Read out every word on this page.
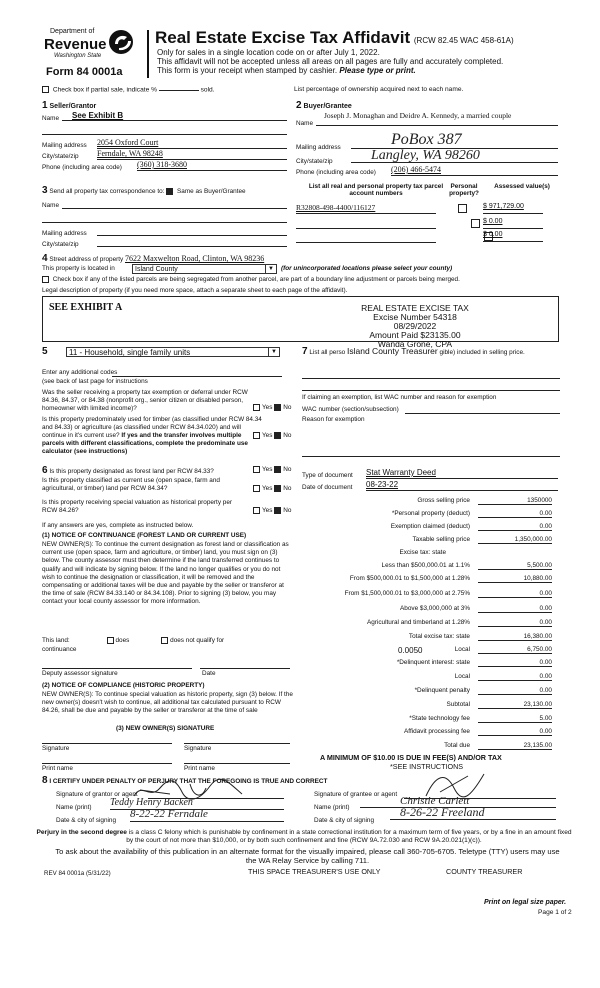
Department of
Revenue
Washington State
Form 84 0001a
Real Estate Excise Tax Affidavit (RCW 82.45 WAC 458-61A)
Only for sales in a single location code on or after July 1, 2022.
This affidavit will not be accepted unless all areas on all pages are fully and accurately completed.
This form is your receipt when stamped by cashier. Please type or print.
Check box if partial sale, indicate %	sold.	List percentage of ownership acquired next to each name.
1 Seller/Grantor
Name	See Exhibit B
Mailing address 2054 Oxford Court
City/state/zip Ferndale, WA 98248
Phone (including area code) (360) 318-3680
2 Buyer/Grantee
Name
Joseph J. Monaghan and Deidre A. Kennedy, a married couple
Mailing address	PoBox 387
City/state/zip	Langley, WA 98260
Phone (including area code) (206) 466-5474
3 Send all property tax correspondence to: Same as Buyer/Grantee
Name
Mailing address
City/state/zip
List all real and personal property tax parcel account numbers
Personal property?
Assessed value(s)
R32808-498-4400/116127
	$ 971,729.00

$ 0.00
$ 0.00
4 Street address of property 7622 Maxwelton Road, Clinton, WA 98236
This property is located in	Island County	▼	(for unincorporated locations please select your county)
Check box if any of the listed parcels are being segregated from another parcel, are part of a boundary line adjustment or parcels being merged.
Legal description of property (if you need more space, attach a separate sheet to each page of the affidavit).
SEE EXHIBIT A	REAL ESTATE EXCISE TAX
Excise Number 54318
08/29/2022
Amount Paid $23135.00
Wanda Grone, CPA
5	11 - Household, single family units	▼
Enter any additional codes
(see back of last page for instructions
Was the seller receiving a property tax exemption or deferral under RCW 84.36, 84.37, or 84.38 (nonprofit org., senior citizen or disabled person, homeowner with limited income)?	Yes No
Is this property predominately used for timber (as classified under RCW 84.34 and 84.33) or agriculture (as classified under RCW 84.34.020) and will continue in it's current use? If yes and the transfer involves multiple parcels with different classifications, complete the predominate use calculator (see instructions)
Yes No
7 List all perso Island County Treasurer gible) included in selling price.
If claiming an exemption, list WAC number and reason for exemption
WAC number (section/subsection)
Reason for exemption
Type of document Stat Warranty Deed
Date of document 08-23-22
6 Is this property designated as forest land per RCW 84.33?	Yes No
Is this property classified as current use (open space, farm and agricultural, or timber) land per RCW 84.34?	Yes No
Is this property receiving special valuation as historical property per RCW 84.26?	Yes No
If any answers are yes, complete as instructed below.
(1) NOTICE OF CONTINUANCE (FOREST LAND OR CURRENT USE)
NEW OWNER(S): To continue the current designation as forest land or classification as current use (open space, farm and agriculture, or timber) land, you must sign on (3) below. The county assessor must then determine if the land transferred continues to qualify and will indicate by signing below. If the land no longer qualifies or you do not wish to continue the designation or classification, it will be removed and the compensating or additional taxes will be due and payable by the seller or transferor at the time of sale (RCW 84.33.140 or 84.34.108). Prior to signing (3) below, you may contact your local county assessor for more information.
This land:	does	does not qualify for
continuance
Deputy assessor signature	Date
(2) NOTICE OF COMPLIANCE (HISTORIC PROPERTY)
NEW OWNER(S): To continue special valuation as historic property, sign (3) below. If the new owner(s) doesn't wish to continue, all additional tax calculated pursuant to RCW 84.26, shall be due and payable by the seller or transferor at the time of sale
(3) NEW OWNER(S) SIGNATURE
Signature	Signature
Print name	Print name
Gross selling price	1350000
*Personal property (deduct)	0.00
Exemption claimed (deduct)	0.00
Taxable selling price	1,350,000.00
Excise tax: state
Less than $500,000.01 at 1.1%	5,500.00
From $500,000.01 to $1,500,000 at 1.28%	10,880.00
From $1,500,000.01 to $3,000,000 at 2.75%	0.00
Above $3,000,000 at 3%	0.00
Agricultural and timberland at 1.28%	0.00
Total excise tax: state	16,380.00
0.0050	Local	6,750.00
*Delinquent interest: state	0.00
Local	0.00
*Delinquent penalty	0.00
Subtotal	23,130.00
*State technology fee	5.00
Affidavit processing fee	0.00
Total due	23,135.00
A MINIMUM OF $10.00 IS DUE IN FEE(S) AND/OR TAX
*SEE INSTRUCTIONS
8 I CERTIFY UNDER PENALTY OF PERJURY THAT THE FOREGOING IS TRUE AND CORRECT
Signature of grantor or agent
Name (print) Teddy Henry Backen
Date & city of signing
8-22-22 Ferndale
Signature of grantee or agent
Name (print)
Christie Carlett
Date & city of signing
8-26-22 Freeland
Perjury in the second degree is a class C felony which is punishable by confinement in a state correctional institution for a maximum term of five years, or by a fine in an amount fixed by the court of not more than $10,000, or by both such confinement and fine (RCW 9A.72.030 and RCW 9A.20.021(1)(c)).
To ask about the availability of this publication in an alternate format for the visually impaired, please call 360-705-6705. Teletype (TTY) users may use the WA Relay Service by calling 711.
REV 84 0001a (5/31/22)	THIS SPACE TREASURER'S USE ONLY	COUNTY TREASURER
Print on legal size paper.
Page 1 of 2
